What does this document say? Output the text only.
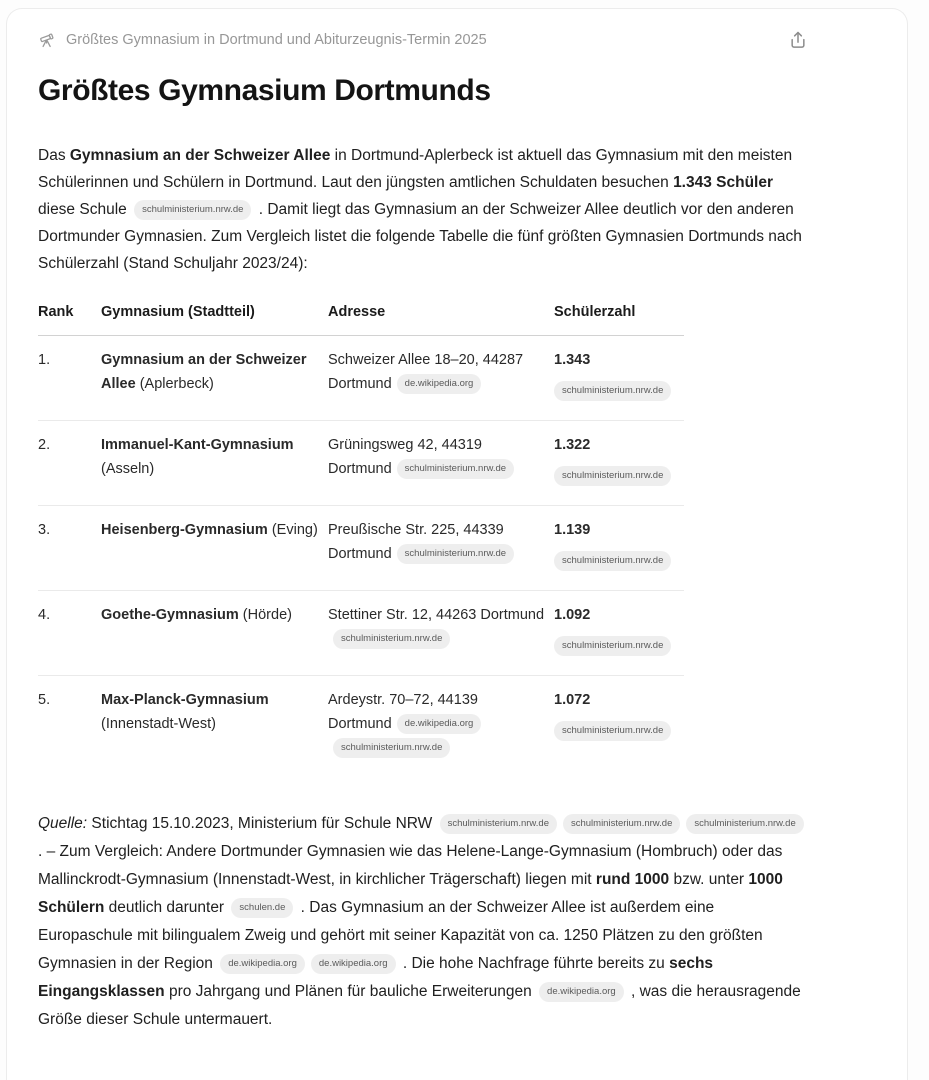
Größtes Gymnasium in Dortmund und Abiturzeugnis-Termin 2025
Größtes Gymnasium Dortmunds

Das Gymnasium an der Schweizer Allee in Dortmund-Aplerbeck ist aktuell das Gymnasium mit den meisten Schülerinnen und Schülern in Dortmund. Laut den jüngsten amtlichen Schuldaten besuchen 1.343 Schüler diese Schule schulministerium.nrw.de . Damit liegt das Gymnasium an der Schweizer Allee deutlich vor den anderen Dortmunder Gymnasien. Zum Vergleich listet die folgende Tabelle die fünf größten Gymnasien Dortmunds nach Schülerzahl (Stand Schuljahr 2023/24):

Rank	Gymnasium (Stadtteil)	Adresse	Schülerzahl
1.	Gymnasium an der Schweizer Allee (Aplerbeck)	Schweizer Allee 18–20, 44287 Dortmund de.wikipedia.org	1.343
schulministerium.nrw.de

2.	Immanuel-Kant-Gymnasium (Asseln)	Grüningsweg 42, 44319 Dortmund schulministerium.nrw.de	1.322
schulministerium.nrw.de

3.	Heisenberg-Gymnasium (Eving)	Preußische Str. 225, 44339 Dortmund schulministerium.nrw.de	1.139
schulministerium.nrw.de

4.	Goethe-Gymnasium (Hörde)	Stettiner Str. 12, 44263 Dortmundschulministerium.nrw.de	1.092
schulministerium.nrw.de

5.	Max-Planck-Gymnasium (Innenstadt-West)	Ardeystr. 70–72, 44139 Dortmund de.wikipedia.orgschulministerium.nrw.de	1.072
schulministerium.nrw.de

Quelle: Stichtag 15.10.2023, Ministerium für Schule NRW schulministerium.nrw.de schulministerium.nrw.de schulministerium.nrw.de . – Zum Vergleich: Andere Dortmunder Gymnasien wie das Helene-Lange-Gymnasium (Hombruch) oder das Mallinckrodt-Gymnasium (Innenstadt-West, in kirchlicher Trägerschaft) liegen mit rund 1000 bzw. unter 1000 Schülern deutlich darunter schulen.de . Das Gymnasium an der Schweizer Allee ist außerdem eine Europaschule mit bilingualem Zweig und gehört mit seiner Kapazität von ca. 1250 Plätzen zu den größten Gymnasien in der Region de.wikipedia.org de.wikipedia.org . Die hohe Nachfrage führte bereits zu sechs Eingangsklassen pro Jahrgang und Plänen für bauliche Erweiterungen de.wikipedia.org , was die herausragende Größe dieser Schule untermauert.
